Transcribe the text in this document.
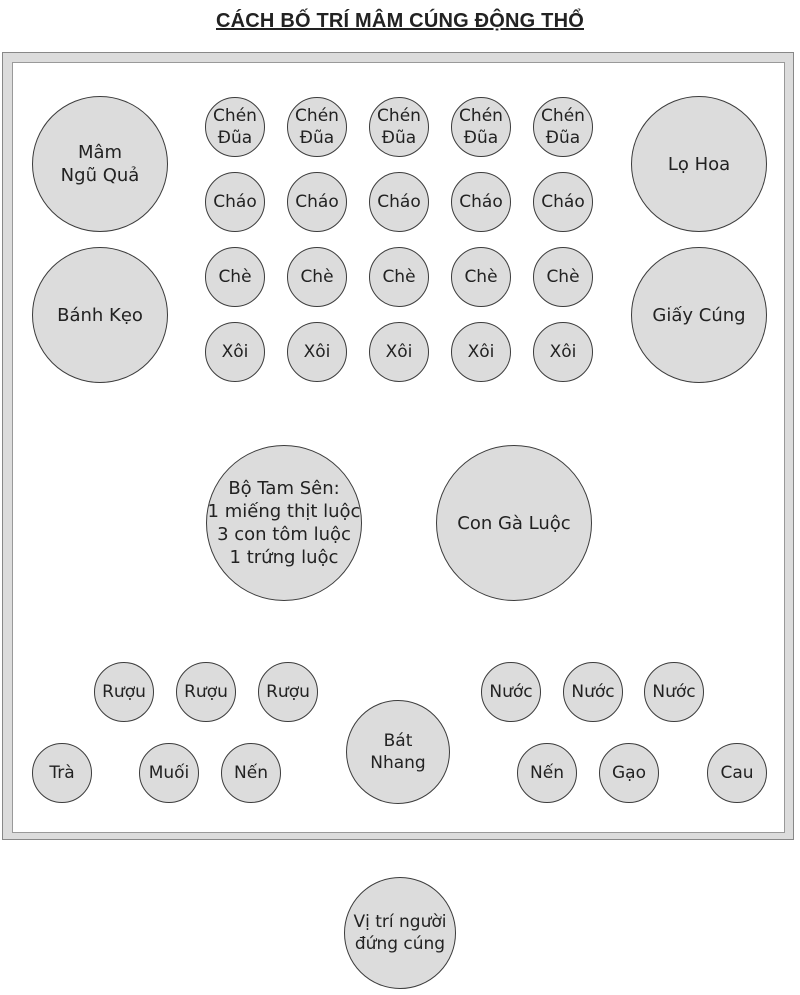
CÁCH BỐ TRÍ MÂM CÚNG ĐỘNG THỔ
Mâm
Ngũ Quả
Lọ Hoa
Bánh Kẹo	Giấy Cúng
Chén
Đũa
Chén
Đũa
Chén
Đũa
Chén
Đũa
Chén
Đũa
Cháo	Cháo	Cháo	Cháo	Cháo
Chè	Chè	Chè	Chè	Chè
Xôi	Xôi	Xôi	Xôi	Xôi
Bộ Tam Sên:
1 miếng thịt luộc
3 con tôm luộc
1 trứng luộc
Con Gà Luộc
Rượu	Rượu	Rượu	Nước	Nước	Nước
Trà	Muối	Nến
Bát
Nhang	Nến	Gạo	Cau
Vị trí người
đứng cúng
